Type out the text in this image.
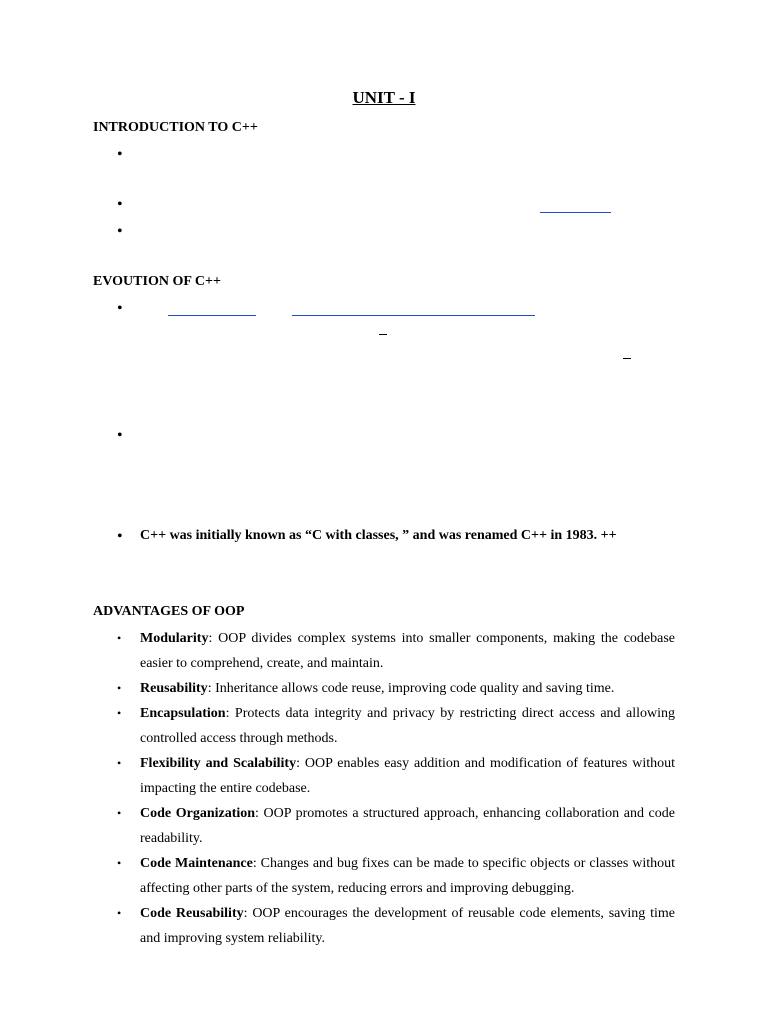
UNIT - I
INTRODUCTION TO C++
•
•
•
EVOUTION OF C++
•
•
• C++ was initially known as “C with classes, ” and was renamed C++ in 1983. ++
ADVANTAGES OF OOP
• Modularity: OOP divides complex systems into smaller components, making the codebase easier to comprehend, create, and maintain.
• Reusability: Inheritance allows code reuse, improving code quality and saving time.
• Encapsulation: Protects data integrity and privacy by restricting direct access and allowing controlled access through methods.
• Flexibility and Scalability: OOP enables easy addition and modification of features without impacting the entire codebase.
• Code Organization: OOP promotes a structured approach, enhancing collaboration and code readability.
• Code Maintenance: Changes and bug fixes can be made to specific objects or classes without affecting other parts of the system, reducing errors and improving debugging.
• Code Reusability: OOP encourages the development of reusable code elements, saving time and improving system reliability.
